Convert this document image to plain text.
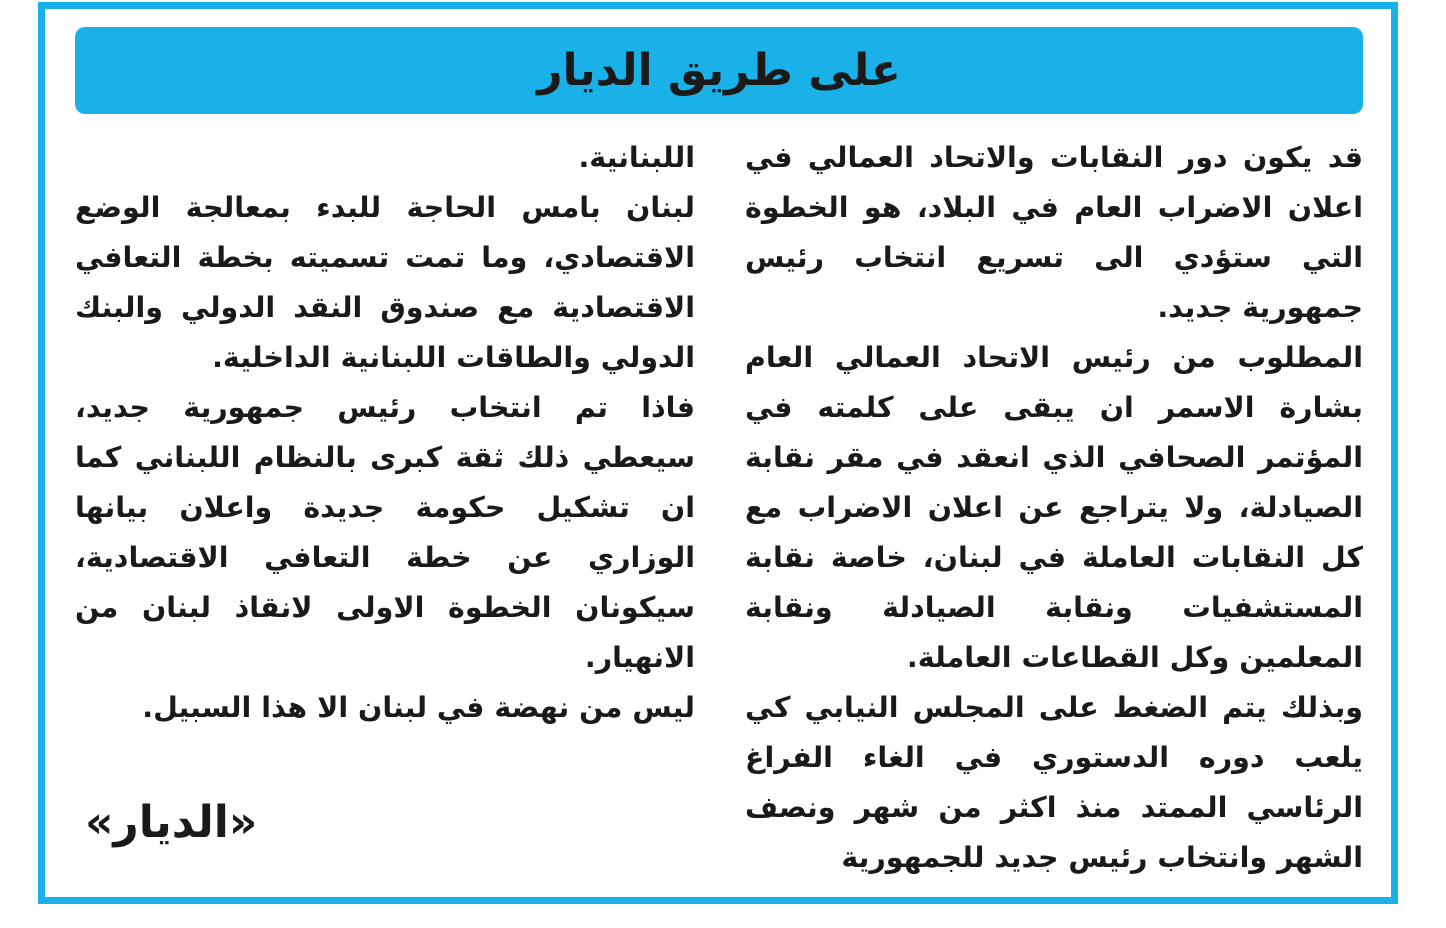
على طريق الديار

قد يكون دور النقابات والاتحاد العمالي في اعلان الاضراب العام في البلاد، هو الخطوة التي ستؤدي الى تسريع انتخاب رئيس جمهورية جديد.

المطلوب من رئيس الاتحاد العمالي العام بشارة الاسمر ان يبقى على كلمته في المؤتمر الصحافي الذي انعقد في مقر نقابة الصيادلة، ولا يتراجع عن اعلان الاضراب مع كل النقابات العاملة في لبنان، خاصة نقابة المستشفيات ونقابة الصيادلة ونقابة المعلمين وكل القطاعات العاملة.

وبذلك يتم الضغط على المجلس النيابي كي يلعب دوره الدستوري في الغاء الفراغ الرئاسي الممتد منذ اكثر من شهر ونصف الشهر وانتخاب رئيس جديد للجمهورية

اللبنانية.

لبنان بامس الحاجة للبدء بمعالجة الوضع الاقتصادي، وما تمت تسميته بخطة التعافي الاقتصادية مع صندوق النقد الدولي والبنك الدولي والطاقات اللبنانية الداخلية.

فاذا تم انتخاب رئيس جمهورية جديد، سيعطي ذلك ثقة كبرى بالنظام اللبناني كما ان تشكيل حكومة جديدة واعلان بيانها الوزاري عن خطة التعافي الاقتصادية، سيكونان الخطوة الاولى لانقاذ لبنان من الانهيار.

ليس من نهضة في لبنان الا هذا السبيل.

«الديار»
